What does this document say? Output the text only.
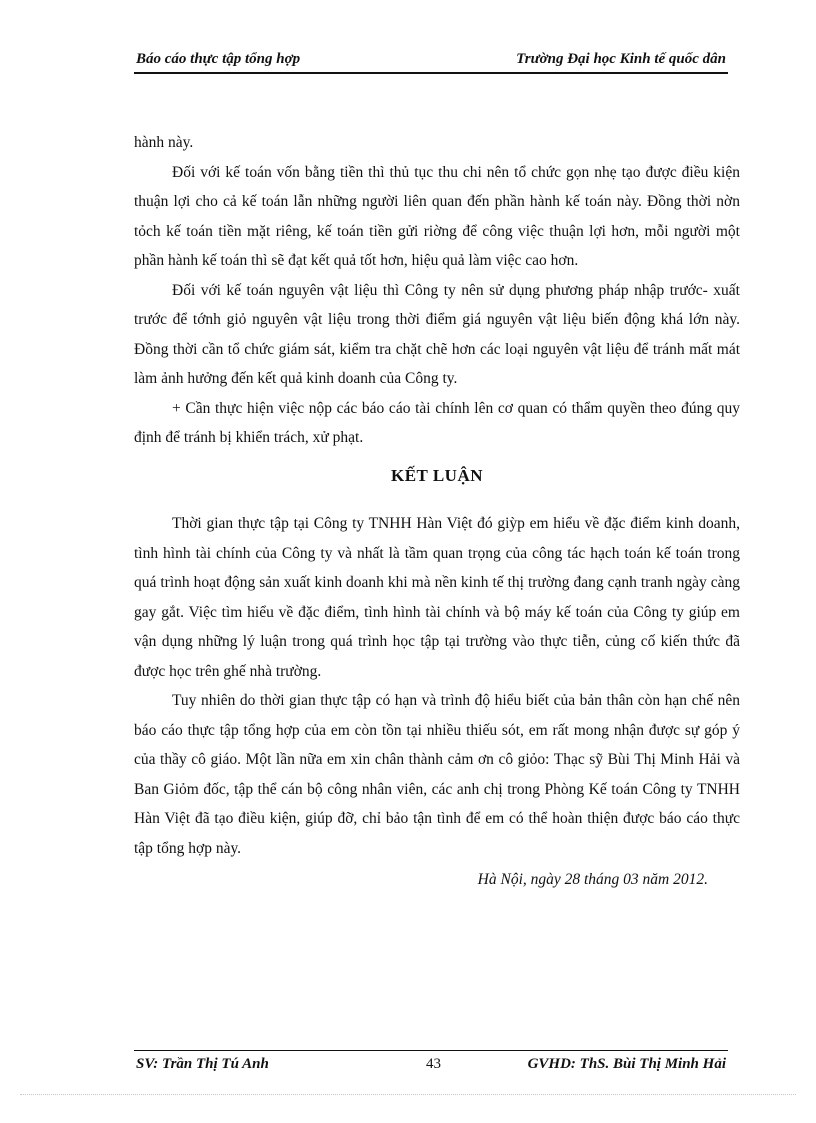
Báo cáo thực tập tổng hợp	Trường Đại học Kinh tế quốc dân

hành này.

Đối với kế toán vốn bằng tiền thì thủ tục thu chi nên tổ chức gọn nhẹ tạo được điều kiện thuận lợi cho cả kế toán lẫn những người liên quan đến phần hành kế toán này. Đồng thời nờn tỏch kế toán tiền mặt riêng, kế toán tiền gửi riờng để công việc thuận lợi hơn, mỗi người một phần hành kế toán thì sẽ đạt kết quả tốt hơn, hiệu quả làm việc cao hơn.

Đối với kế toán nguyên vật liệu thì Công ty nên sử dụng phương pháp nhập trước- xuất trước để tớnh giỏ nguyên vật liệu trong thời điểm giá nguyên vật liệu biến động khá lớn này. Đồng thời cần tổ chức giám sát, kiểm tra chặt chẽ hơn các loại nguyên vật liệu để tránh mất mát làm ảnh hưởng đến kết quả kinh doanh của Công ty.

+ Cần thực hiện việc nộp các báo cáo tài chính lên cơ quan có thẩm quyền theo đúng quy định để tránh bị khiển trách, xử phạt.

KẾT LUẬN

Thời gian thực tập tại Công ty TNHH Hàn Việt đó giỳp em hiểu về đặc điểm kinh doanh, tình hình tài chính của Công ty và nhất là tầm quan trọng của công tác hạch toán kế toán trong quá trình hoạt động sản xuất kinh doanh khi mà nền kinh tế thị trường đang cạnh tranh ngày càng gay gắt. Việc tìm hiểu về đặc điểm, tình hình tài chính và bộ máy kế toán của Công ty giúp em vận dụng những lý luận trong quá trình học tập tại trường vào thực tiễn, củng cố kiến thức đã được học trên ghế nhà trường.

Tuy nhiên do thời gian thực tập có hạn và trình độ hiểu biết của bản thân còn hạn chế nên báo cáo thực tập tổng hợp của em còn tồn tại nhiều thiếu sót, em rất mong nhận được sự góp ý của thầy cô giáo. Một lần nữa em xin chân thành cảm ơn cô giỏo: Thạc sỹ Bùi Thị Minh Hải và Ban Giỏm đốc, tập thể cán bộ công nhân viên, các anh chị trong Phòng Kế toán Công ty TNHH Hàn Việt đã tạo điều kiện, giúp đỡ, chỉ bảo tận tình để em có thể hoàn thiện được báo cáo thực tập tổng hợp này.

Hà Nội, ngày 28 tháng 03 năm 2012.

SV: Trần Thị Tú Anh	43	GVHD: ThS. Bùi Thị Minh Hải
